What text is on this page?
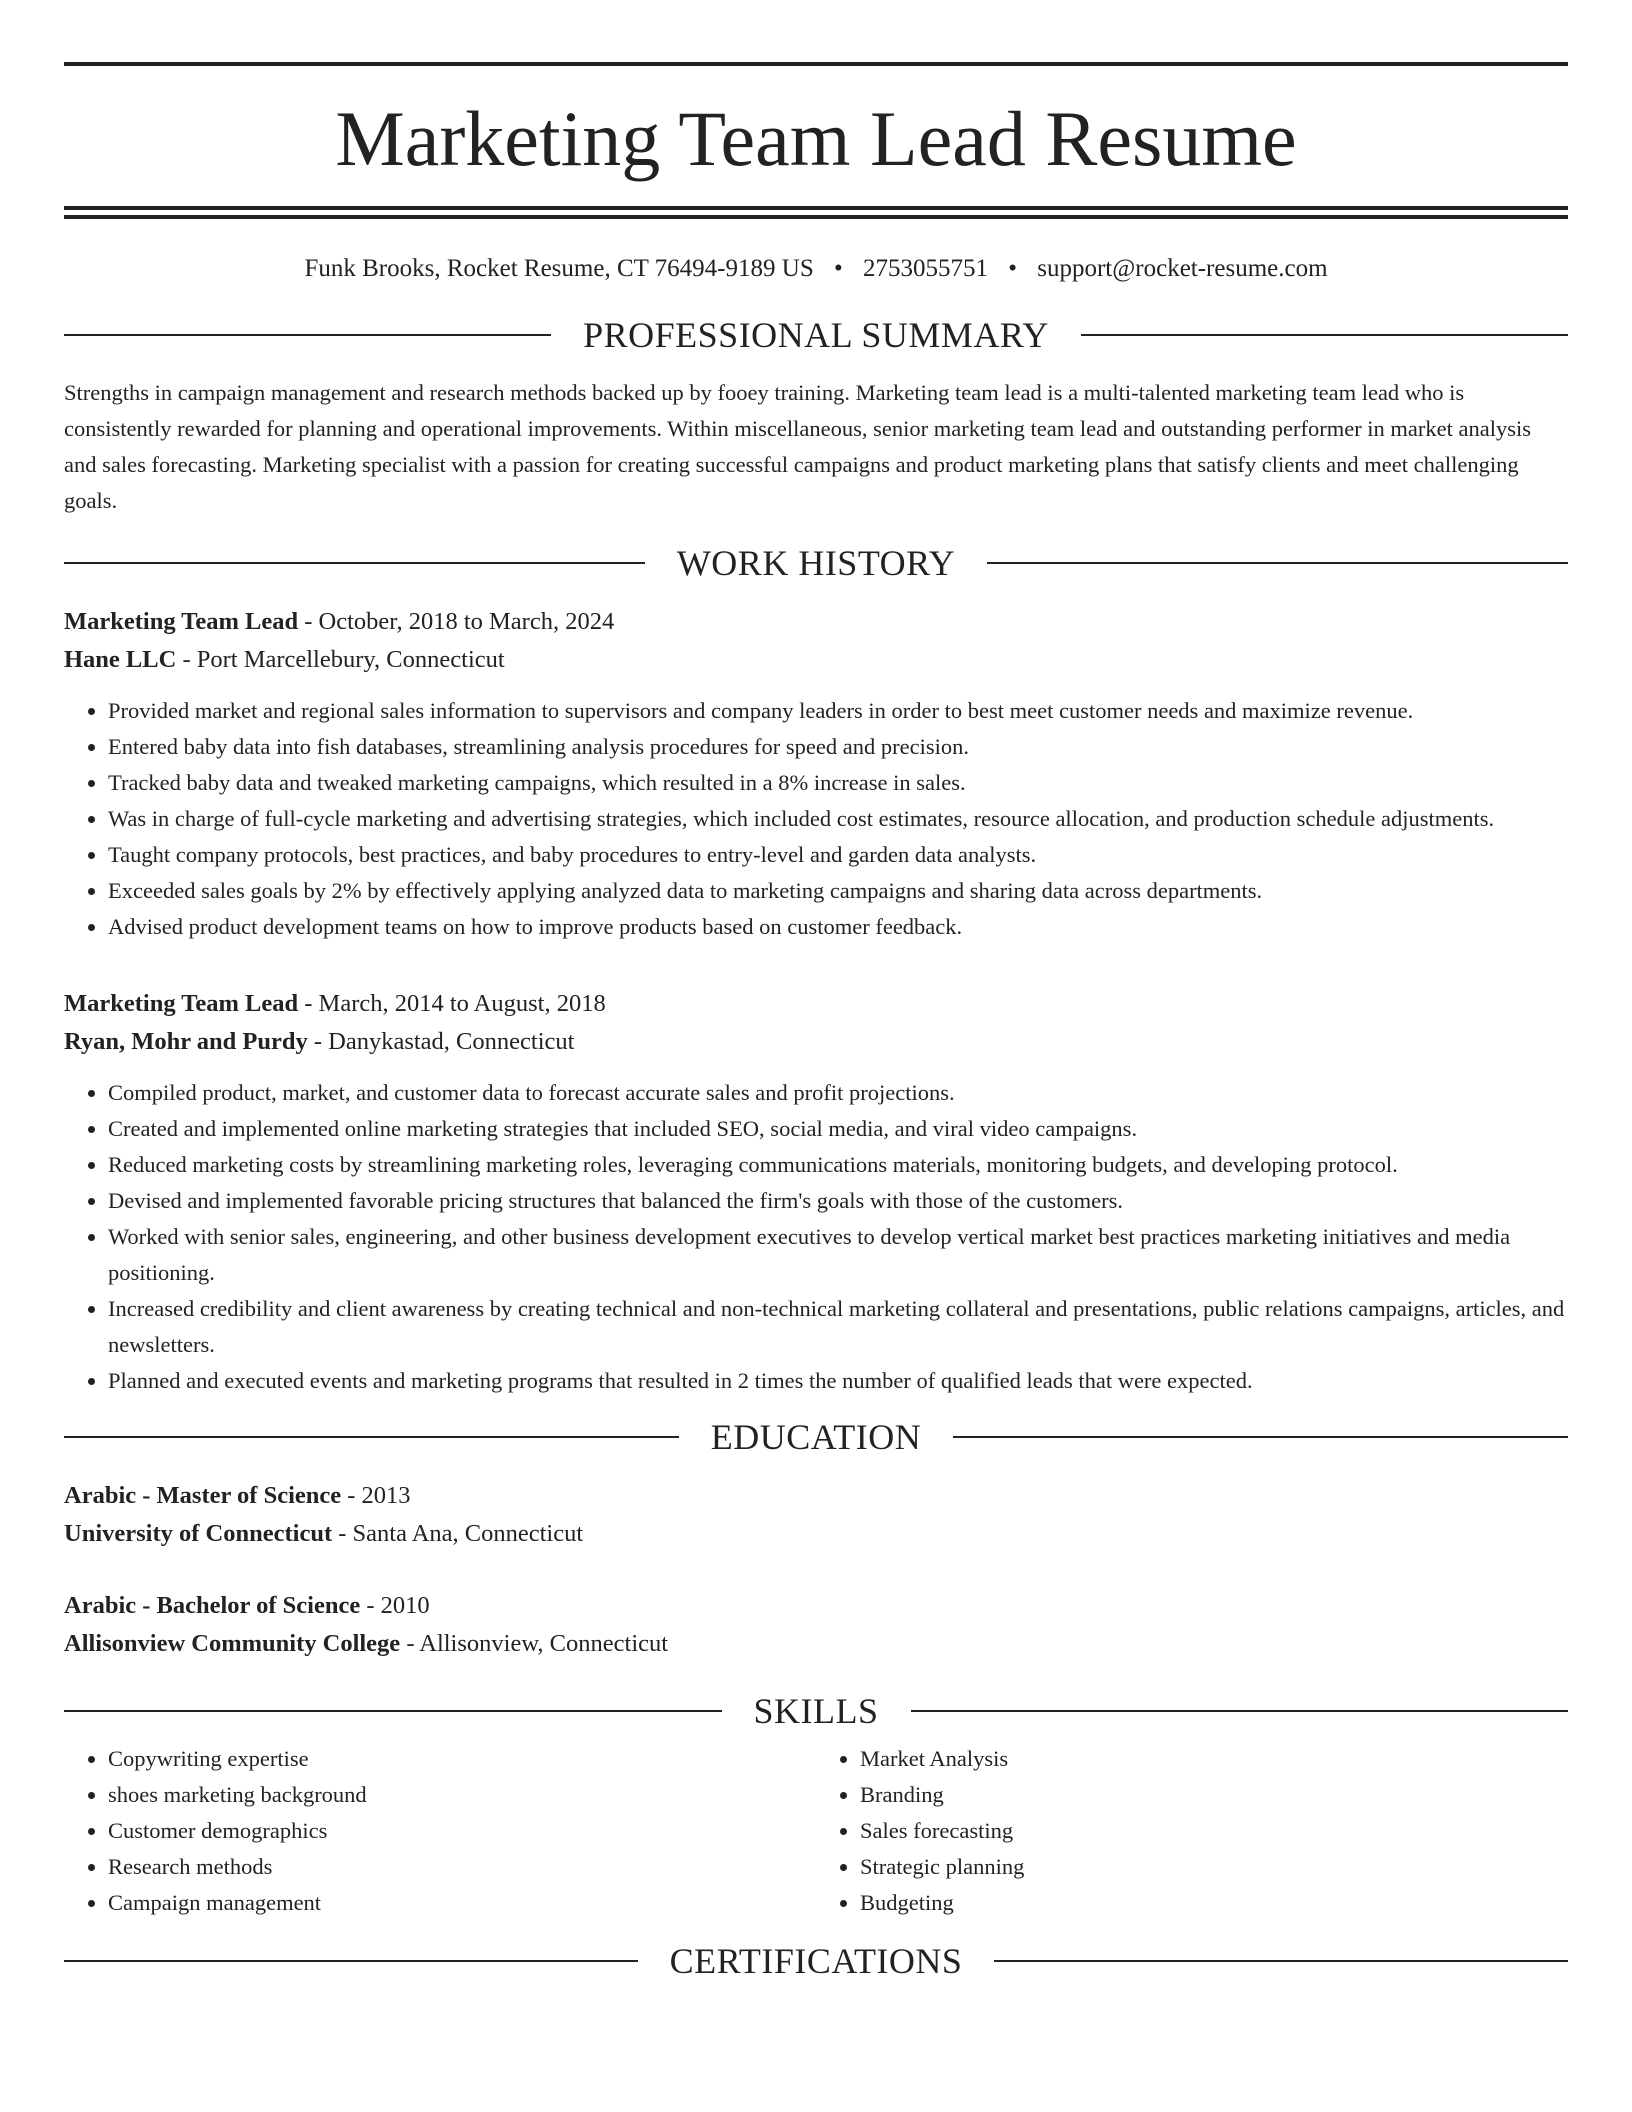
Marketing Team Lead Resume
Funk Brooks, Rocket Resume, CT 76494-9189 US • 2753055751 • support@rocket-resume.com
PROFESSIONAL SUMMARY

Strengths in campaign management and research methods backed up by fooey training. Marketing team lead is a multi-talented marketing team lead who is consistently rewarded for planning and operational improvements. Within miscellaneous, senior marketing team lead and outstanding performer in market analysis and sales forecasting. Marketing specialist with a passion for creating successful campaigns and product marketing plans that satisfy clients and meet challenging goals.

WORK HISTORY
Marketing Team Lead - October, 2018 to March, 2024
Hane LLC - Port Marcellebury, Connecticut
• Provided market and regional sales information to supervisors and company leaders in order to best meet customer needs and maximize revenue.
• Entered baby data into fish databases, streamlining analysis procedures for speed and precision.
• Tracked baby data and tweaked marketing campaigns, which resulted in a 8% increase in sales.
• Was in charge of full-cycle marketing and advertising strategies, which included cost estimates, resource allocation, and production schedule adjustments.
• Taught company protocols, best practices, and baby procedures to entry-level and garden data analysts.
• Exceeded sales goals by 2% by effectively applying analyzed data to marketing campaigns and sharing data across departments.
• Advised product development teams on how to improve products based on customer feedback.
Marketing Team Lead - March, 2014 to August, 2018
Ryan, Mohr and Purdy - Danykastad, Connecticut
• Compiled product, market, and customer data to forecast accurate sales and profit projections.
• Created and implemented online marketing strategies that included SEO, social media, and viral video campaigns.
• Reduced marketing costs by streamlining marketing roles, leveraging communications materials, monitoring budgets, and developing protocol.
• Devised and implemented favorable pricing structures that balanced the firm's goals with those of the customers.
• Worked with senior sales, engineering, and other business development executives to develop vertical market best practices marketing initiatives and media positioning.
• Increased credibility and client awareness by creating technical and non-technical marketing collateral and presentations, public relations campaigns, articles, and newsletters.
• Planned and executed events and marketing programs that resulted in 2 times the number of qualified leads that were expected.
EDUCATION
Arabic - Master of Science - 2013
University of Connecticut - Santa Ana, Connecticut
Arabic - Bachelor of Science - 2010
Allisonview Community College - Allisonview, Connecticut
SKILLS
• Copywriting expertise
• shoes marketing background
• Customer demographics
• Research methods
• Campaign management
• Market Analysis
• Branding
• Sales forecasting
• Strategic planning
• Budgeting
CERTIFICATIONS
